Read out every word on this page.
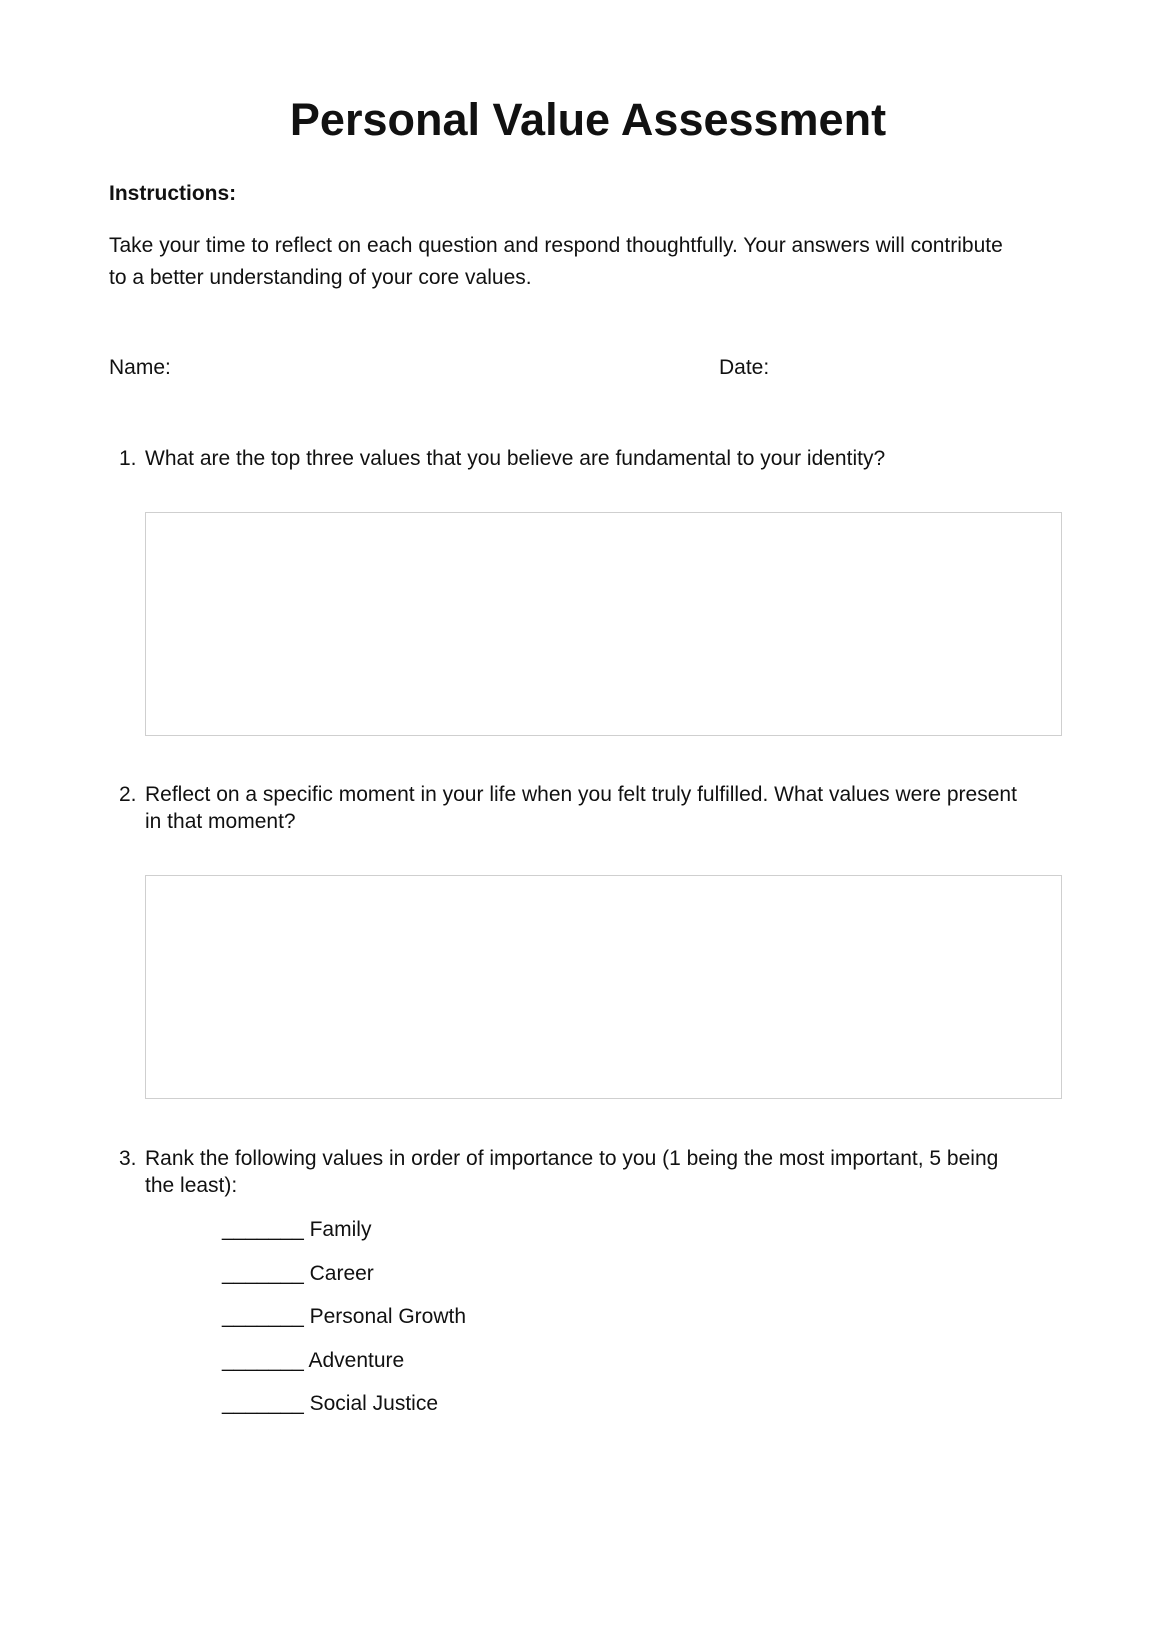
Personal Value Assessment
Instructions:
Take your time to reflect on each question and respond thoughtfully. Your answers will contribute to a better understanding of your core values.
Name:	Date:
1. What are the top three values that you believe are fundamental to your identity?
2. Reflect on a specific moment in your life when you felt truly fulfilled. What values were present in that moment?
3. Rank the following values in order of importance to you (1 being the most important, 5 being the least):
_______ Family
_______ Career
_______ Personal Growth
_______ Adventure
_______ Social Justice
